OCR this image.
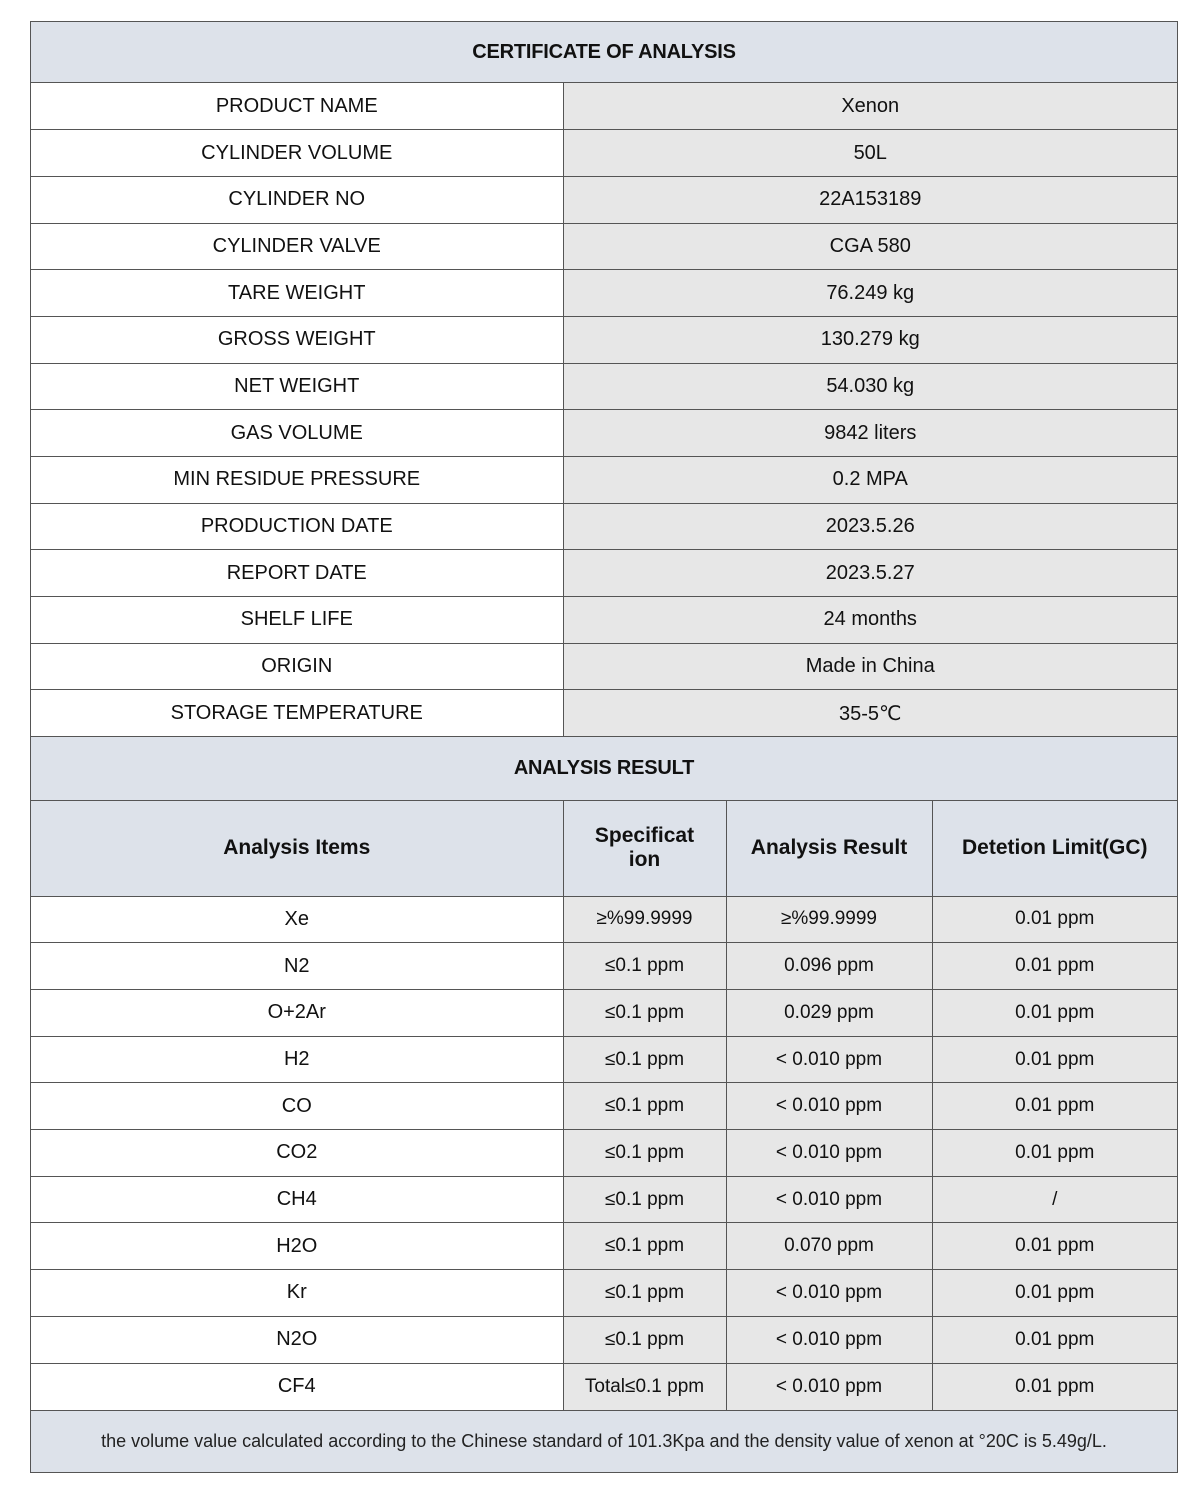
CERTIFICATE OF ANALYSIS
PRODUCT NAME	Xenon
CYLINDER VOLUME	50L
CYLINDER NO	22A153189
CYLINDER VALVE	CGA 580
TARE WEIGHT	76.249 kg
GROSS WEIGHT	130.279 kg
NET WEIGHT	54.030 kg
GAS VOLUME	9842 liters
MIN RESIDUE PRESSURE	0.2 MPA
PRODUCTION DATE	2023.5.26
REPORT DATE	2023.5.27
SHELF LIFE	24 months
ORIGIN	Made in China
STORAGE TEMPERATURE	35-5℃
ANALYSIS RESULT
Analysis Items	Specificat ion	Analysis Result	Detetion Limit(GC)
Xe	≥%99.9999	≥%99.9999	0.01 ppm
N2	≤0.1 ppm	0.096 ppm	0.01 ppm
O+2Ar	≤0.1 ppm	0.029 ppm	0.01 ppm
H2	≤0.1 ppm	< 0.010 ppm	0.01 ppm
CO	≤0.1 ppm	< 0.010 ppm	0.01 ppm
CO2	≤0.1 ppm	< 0.010 ppm	0.01 ppm
CH4	≤0.1 ppm	< 0.010 ppm	/
H2O	≤0.1 ppm	0.070 ppm	0.01 ppm
Kr	≤0.1 ppm	< 0.010 ppm	0.01 ppm
N2O	≤0.1 ppm	< 0.010 ppm	0.01 ppm
CF4	Total≤0.1 ppm	< 0.010 ppm	0.01 ppm
the volume value calculated according to the Chinese standard of 101.3Kpa and the density value of xenon at °20C is 5.49g/L.
